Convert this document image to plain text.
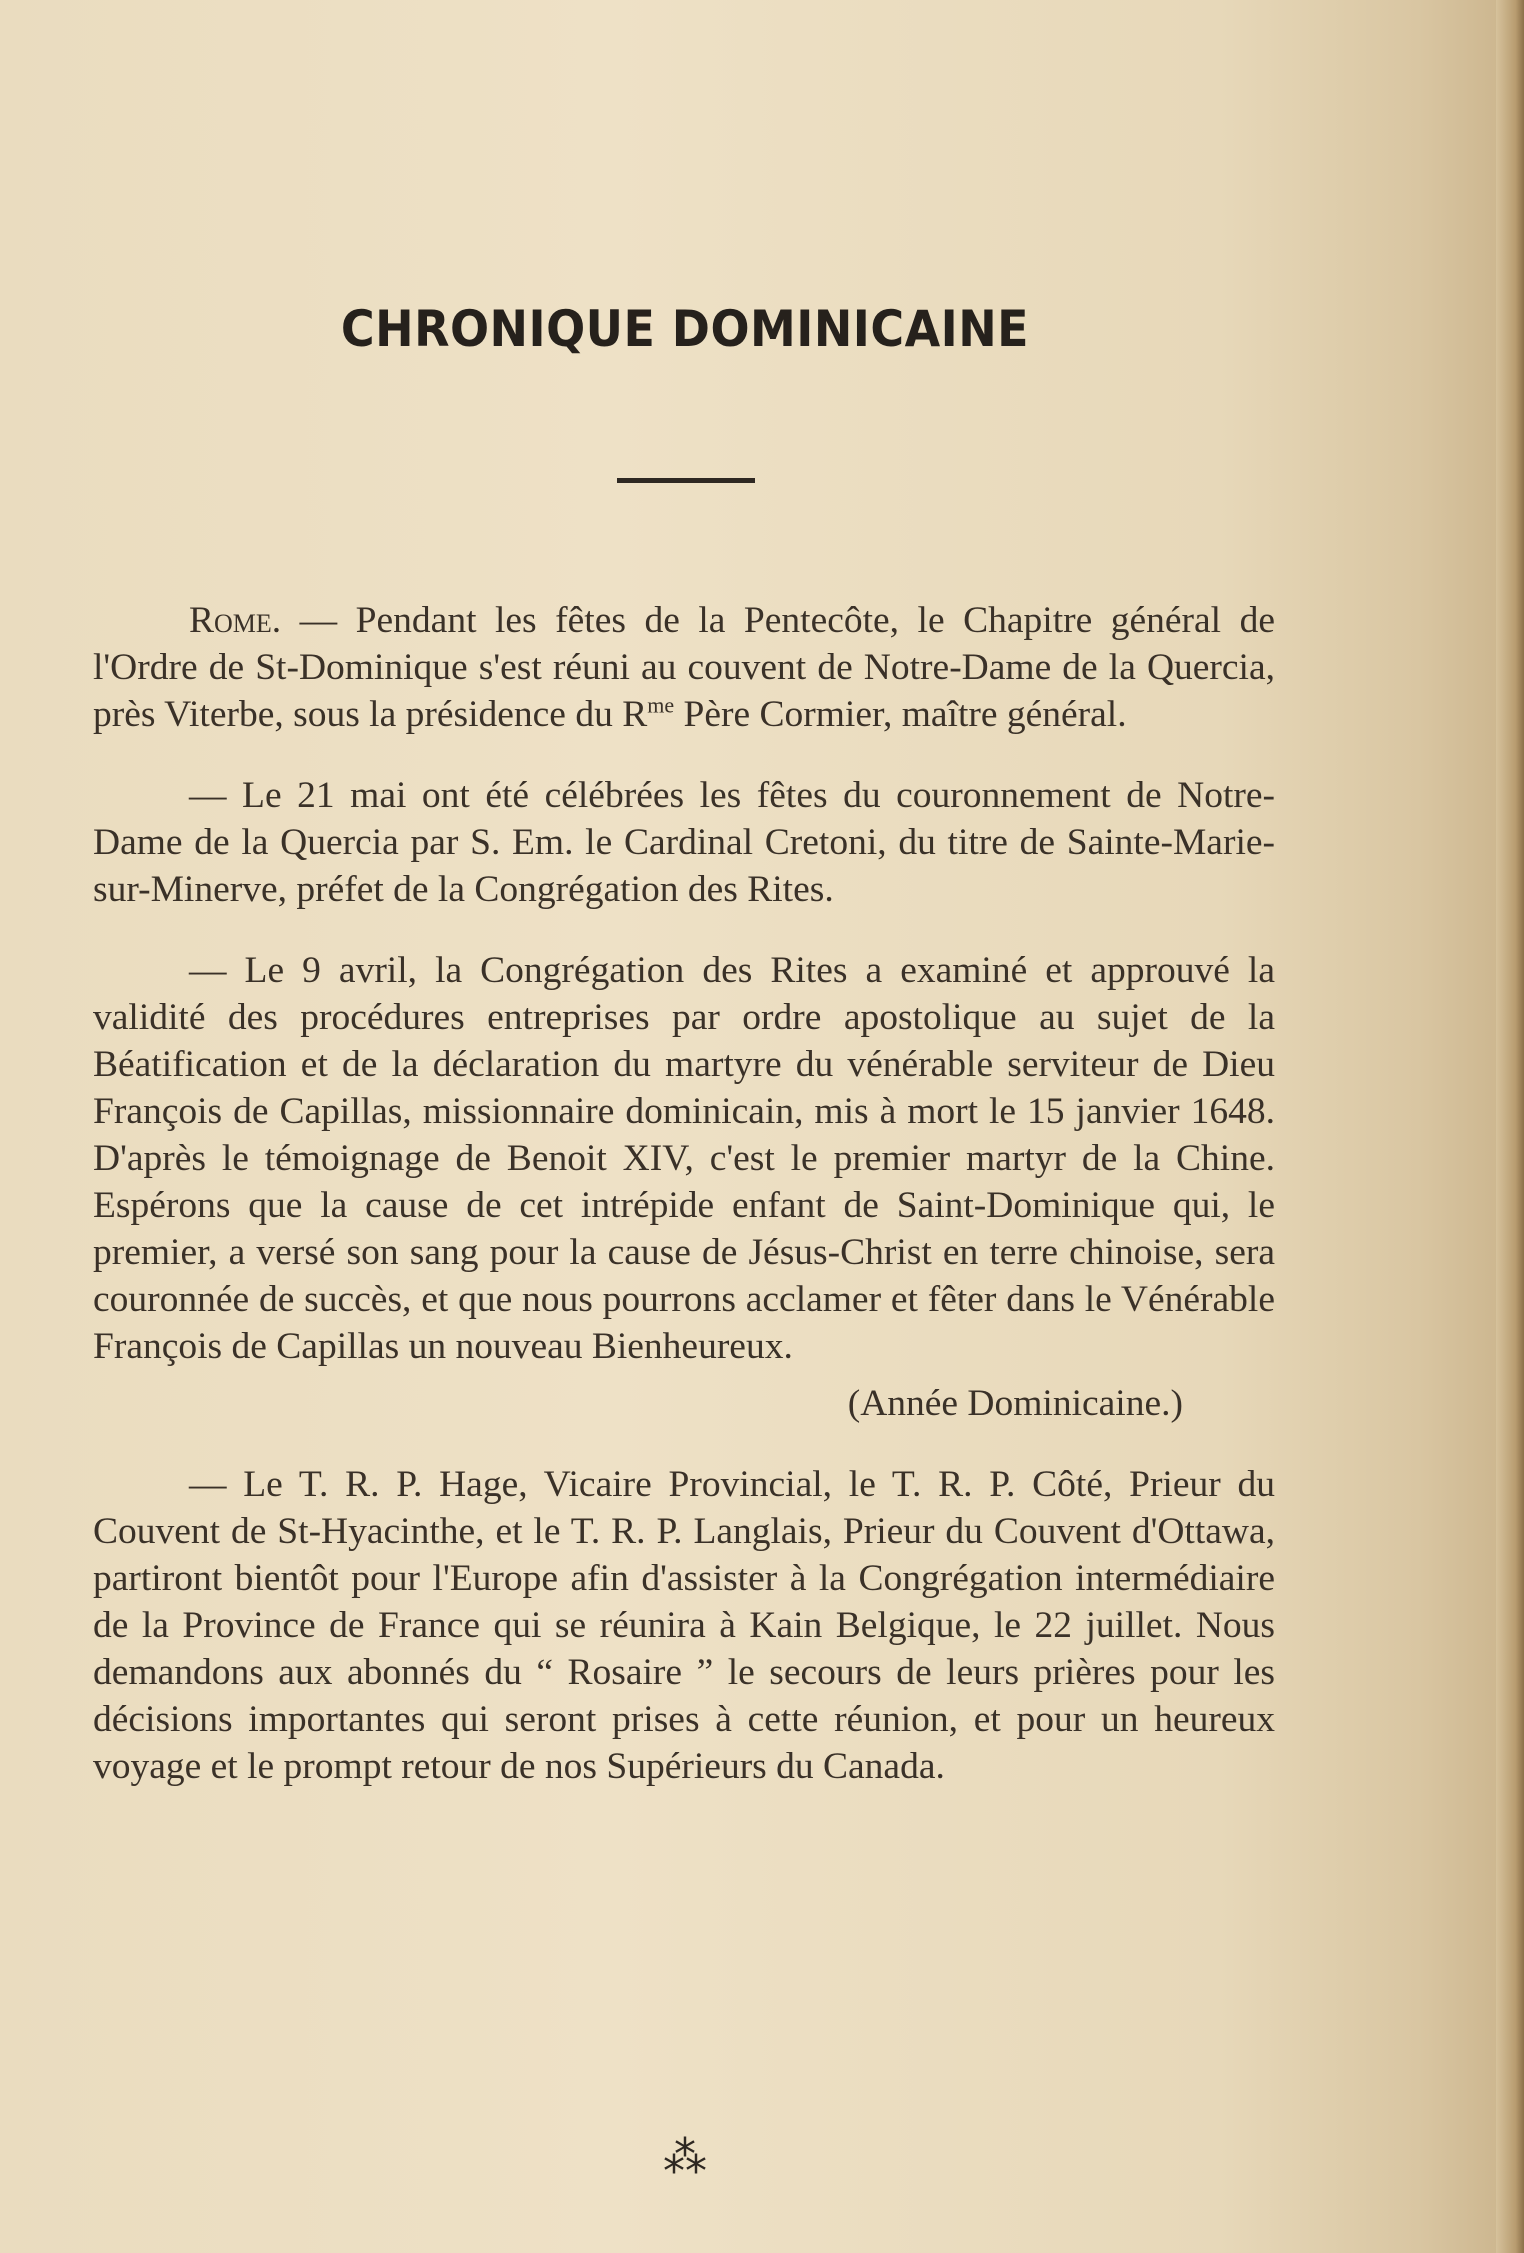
CHRONIQUE DOMINICAINE

Rome. — Pendant les fêtes de la Pentecôte, le Chapitre général de l'Ordre de St-Dominique s'est réuni au couvent de Notre-Dame de la Quercia, près Viterbe, sous la présidence du $R^{me}$ Père Cormier, maître général.

— Le 21 mai ont été célébrées les fêtes du couronnement de Notre-Dame de la Quercia par S. Em. le Cardinal Cretoni, du titre de Sainte-Marie-sur-Minerve, préfet de la Congrégation des Rites.

— Le 9 avril, la Congrégation des Rites a examiné et approuvé la validité des procédures entreprises par ordre apostolique au sujet de la Béatification et de la déclaration du martyre du vénérable serviteur de Dieu François de Capillas, missionnaire dominicain, mis à mort le 15 janvier 1648. D'après le témoignage de Benoit XIV, c'est le premier martyr de la Chine. Espérons que la cause de cet intrépide enfant de Saint-Dominique qui, le premier, a versé son sang pour la cause de Jésus-Christ en terre chinoise, sera couronnée de succès, et que nous pourrons acclamer et fêter dans le Vénérable François de Capillas un nouveau Bienheureux.

(Année Dominicaine.)

— Le T. R. P. Hage, Vicaire Provincial, le T. R. P. Côté, Prieur du Couvent de St-Hyacinthe, et le T. R. P. Langlais, Prieur du Couvent d'Ottawa, partiront bientôt pour l'Europe afin d'assister à la Congrégation intermédiaire de la Province de France qui se réunira à Kain Belgique, le 22 juillet. Nous demandons aux abonnés du “ Rosaire ” le secours de leurs prières pour les décisions importantes qui seront prises à cette réunion, et pour un heureux voyage et le prompt retour de nos Supérieurs du Canada.

⁂
